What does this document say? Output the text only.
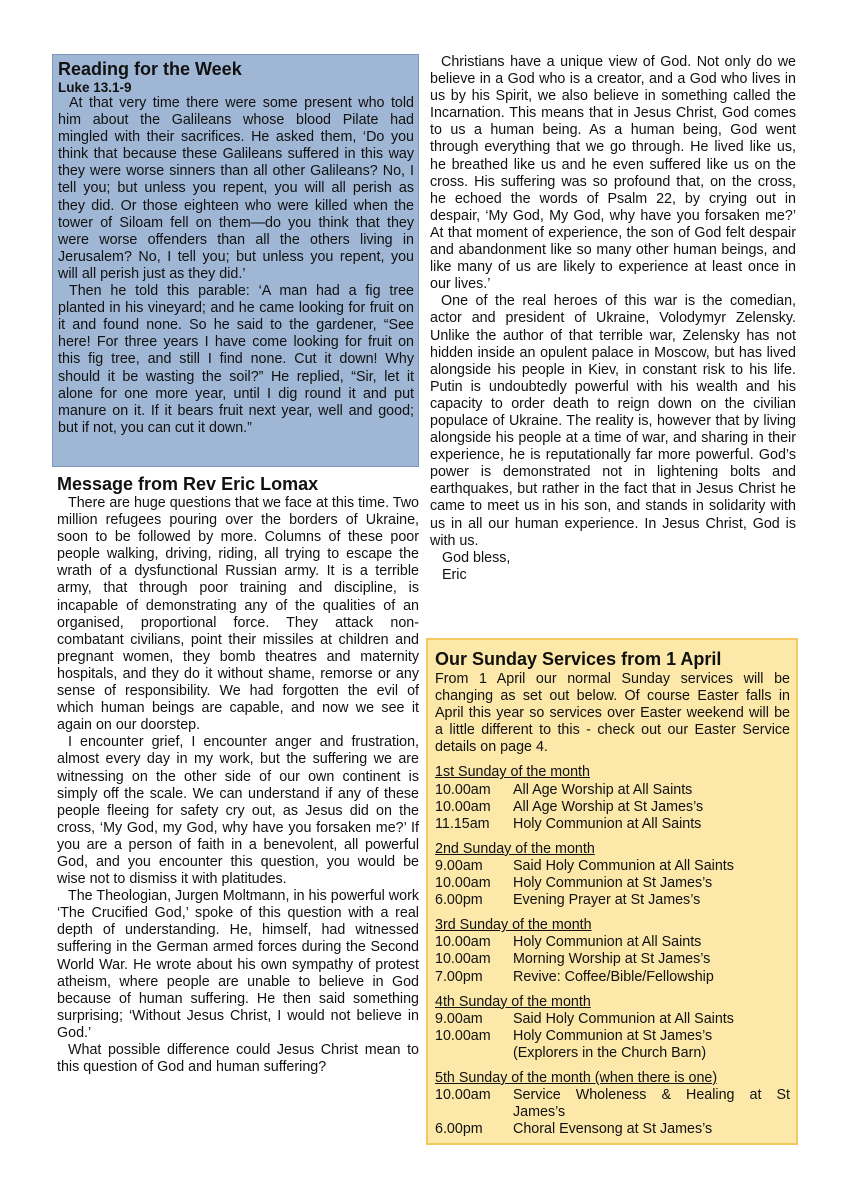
Reading for the Week
Luke 13.1-9

At that very time there were some present who told him about the Galileans whose blood Pilate had mingled with their sacrifices. He asked them, ‘Do you think that because these Galileans suffered in this way they were worse sinners than all other Galileans? No, I tell you; but unless you repent, you will all perish as they did. Or those eighteen who were killed when the tower of Siloam fell on them—do you think that they were worse offenders than all the others living in Jerusalem? No, I tell you; but unless you repent, you will all perish just as they did.’

Then he told this parable: ‘A man had a fig tree planted in his vineyard; and he came looking for fruit on it and found none. So he said to the gardener, “See here! For three years I have come looking for fruit on this fig tree, and still I find none. Cut it down! Why should it be wasting the soil?” He replied, “Sir, let it alone for one more year, until I dig round it and put manure on it. If it bears fruit next year, well and good; but if not, you can cut it down.”

Message from Rev Eric Lomax

There are huge questions that we face at this time. Two million refugees pouring over the borders of Ukraine, soon to be followed by more. Columns of these poor people walking, driving, riding, all trying to escape the wrath of a dysfunctional Russian army. It is a terrible army, that through poor training and discipline, is incapable of demonstrating any of the qualities of an organised, proportional force. They attack non-combatant civilians, point their missiles at children and pregnant women, they bomb theatres and maternity hospitals, and they do it without shame, remorse or any sense of responsibility. We had forgotten the evil of which human beings are capable, and now we see it again on our doorstep.

I encounter grief, I encounter anger and frustration, almost every day in my work, but the suffering we are witnessing on the other side of our own continent is simply off the scale. We can understand if any of these people fleeing for safety cry out, as Jesus did on the cross, ‘My God, my God, why have you forsaken me?’ If you are a person of faith in a benevolent, all powerful God, and you encounter this question, you would be wise not to dismiss it with platitudes.

The Theologian, Jurgen Moltmann, in his powerful work ‘The Crucified God,’ spoke of this question with a real depth of understanding. He, himself, had witnessed suffering in the German armed forces during the Second World War. He wrote about his own sympathy of protest atheism, where people are unable to believe in God because of human suffering. He then said something surprising; ‘Without Jesus Christ, I would not believe in God.’

What possible difference could Jesus Christ mean to this question of God and human suffering?

Christians have a unique view of God. Not only do we believe in a God who is a creator, and a God who lives in us by his Spirit, we also believe in something called the Incarnation. This means that in Jesus Christ, God comes to us a human being. As a human being, God went through everything that we go through. He lived like us, he breathed like us and he even suffered like us on the cross. His suffering was so profound that, on the cross, he echoed the words of Psalm 22, by crying out in despair, ‘My God, My God, why have you forsaken me?’ At that moment of experience, the son of God felt despair and abandonment like so many other human beings, and like many of us are likely to experience at least once in our lives.’

One of the real heroes of this war is the comedian, actor and president of Ukraine, Volodymyr Zelensky. Unlike the author of that terrible war, Zelensky has not hidden inside an opulent palace in Moscow, but has lived alongside his people in Kiev, in constant risk to his life. Putin is undoubtedly powerful with his wealth and his capacity to order death to reign down on the civilian populace of Ukraine. The reality is, however that by living alongside his people at a time of war, and sharing in their experience, he is reputationally far more powerful. God’s power is demonstrated not in lightening bolts and earthquakes, but rather in the fact that in Jesus Christ he came to meet us in his son, and stands in solidarity with us in all our human experience. In Jesus Christ, God is with us.

God bless,
Eric
Our Sunday Services from 1 April
From 1 April our normal Sunday services will be changing as set out below. Of course Easter falls in April this year so services over Easter weekend will be a little different to this - check out our Easter Service details on page 4.
1st Sunday of the month
10.00am	All Age Worship at All Saints
10.00am	All Age Worship at St James’s
11.15am	Holy Communion at All Saints
2nd Sunday of the month
9.00am	Said Holy Communion at All Saints
10.00am	Holy Communion at St James’s
6.00pm	Evening Prayer at St James’s
3rd Sunday of the month
10.00am	Holy Communion at All Saints
10.00am	Morning Worship at St James’s
7.00pm	Revive: Coffee/Bible/Fellowship
4th Sunday of the month
9.00am	Said Holy Communion at All Saints
10.00am	Holy Communion at St James’s
(Explorers in the Church Barn)
5th Sunday of the month (when there is one)
10.00am	Service Wholeness & Healing at St James’s
6.00pm	Choral Evensong at St James’s
